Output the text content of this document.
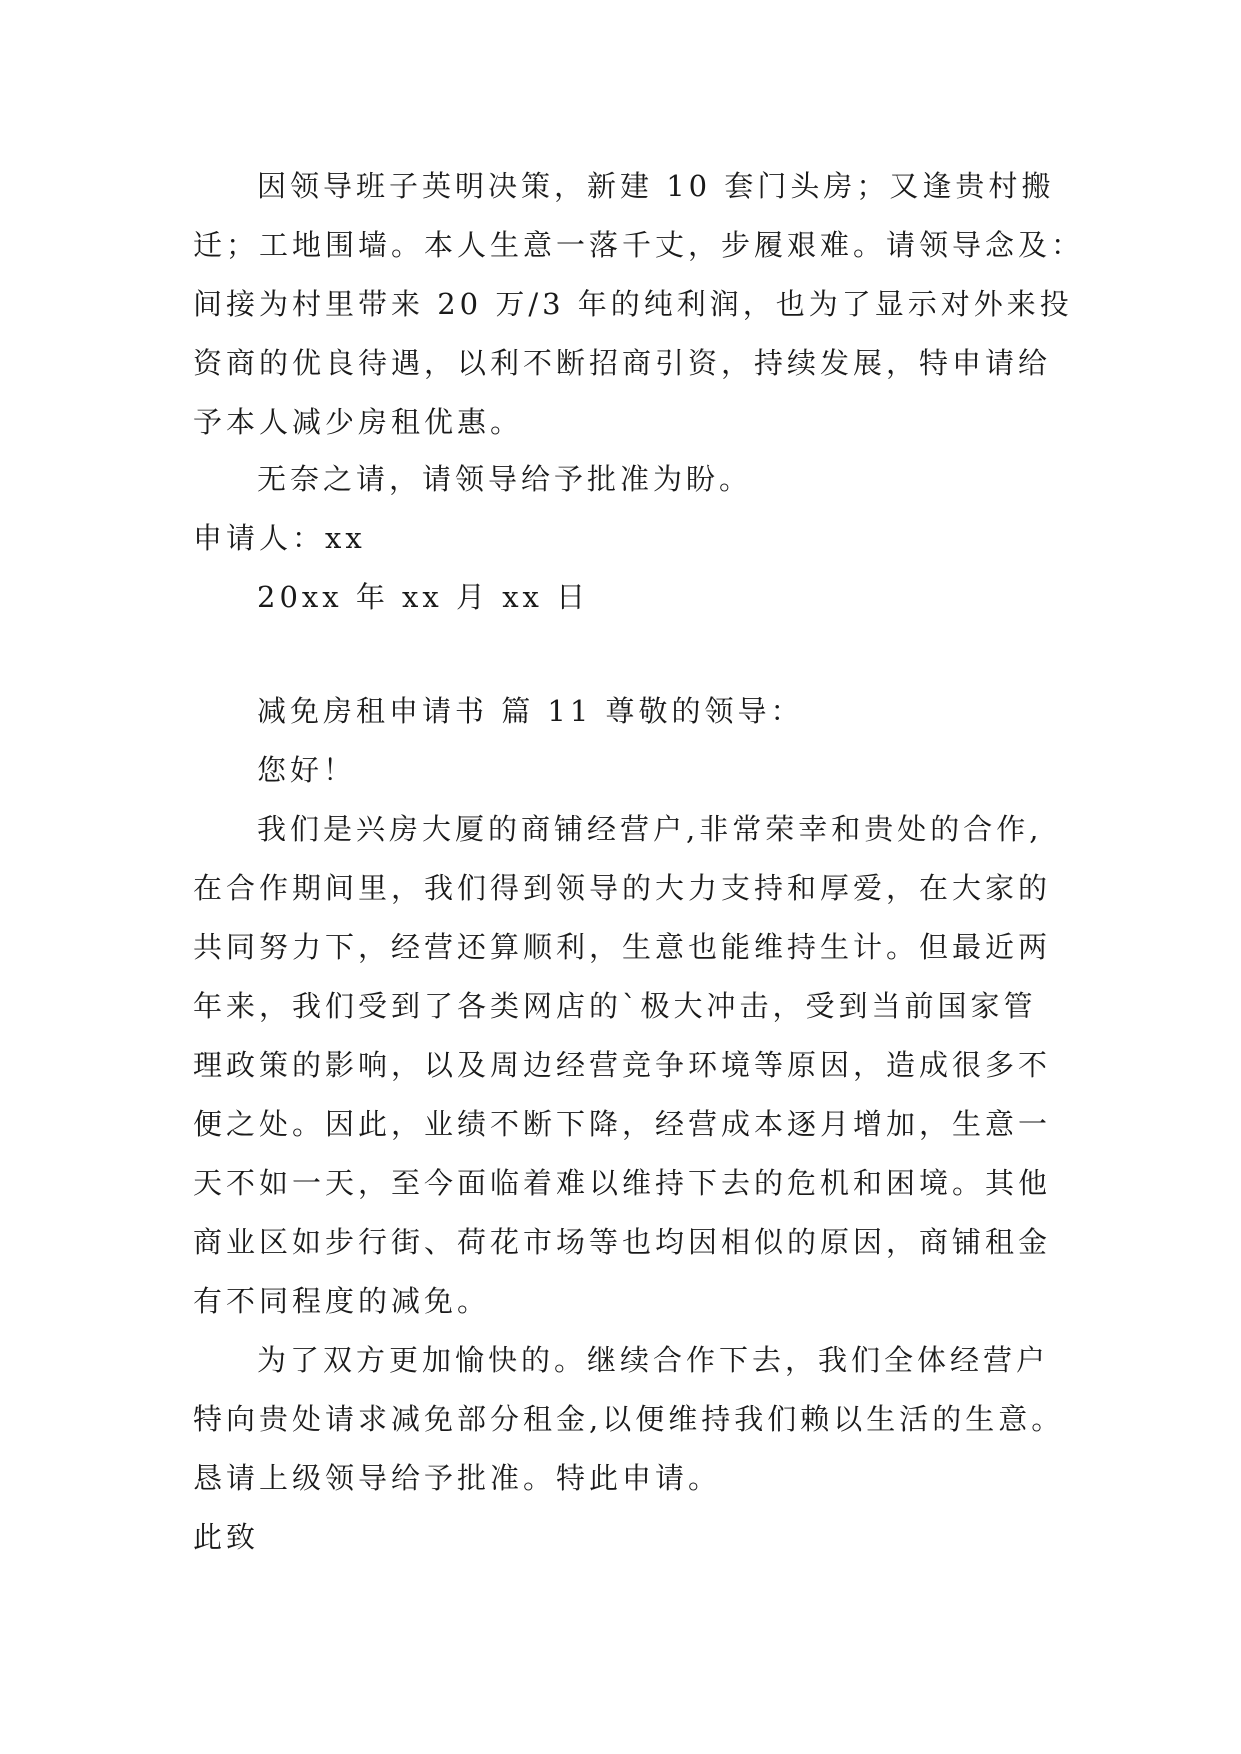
因领导班子英明决策，新建 10 套门头房；又逢贵村搬
迁；工地围墙。本人生意一落千丈，步履艰难。请领导念及：
间接为村里带来 20 万/3 年的纯利润，也为了显示对外来投
资商的优良待遇，以利不断招商引资，持续发展，特申请给
予本人减少房租优惠。
无奈之请，请领导给予批准为盼。
申请人：xx
20xx 年 xx 月 xx 日
减免房租申请书 篇 11 尊敬的领导：
您好！
我们是兴房大厦的商铺经营户,非常荣幸和贵处的合作,
在合作期间里，我们得到领导的大力支持和厚爱，在大家的
共同努力下，经营还算顺利，生意也能维持生计。但最近两
年来，我们受到了各类网店的`极大冲击，受到当前国家管
理政策的影响，以及周边经营竞争环境等原因，造成很多不
便之处。因此，业绩不断下降，经营成本逐月增加，生意一
天不如一天，至今面临着难以维持下去的危机和困境。其他
商业区如步行街、荷花市场等也均因相似的原因，商铺租金
有不同程度的减免。
为了双方更加愉快的。继续合作下去，我们全体经营户
特向贵处请求减免部分租金,以便维持我们赖以生活的生意。
恳请上级领导给予批准。特此申请。
此致
